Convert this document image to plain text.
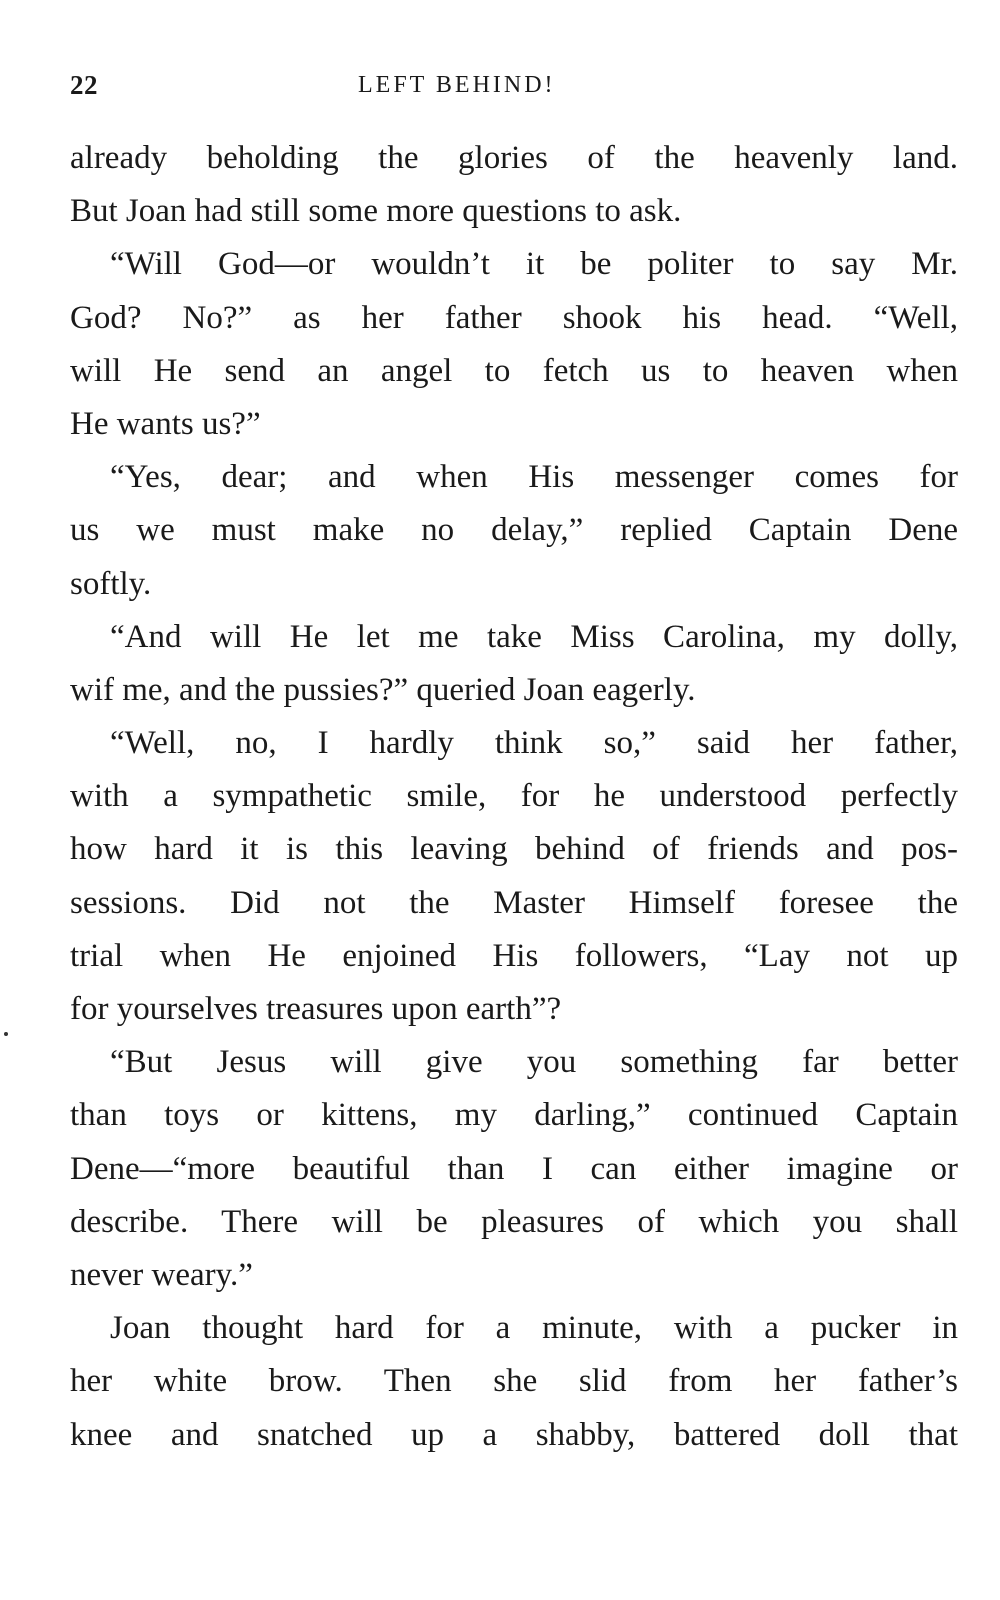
22	LEFT BEHIND!
already beholding the glories of the heavenly land.
But Joan had still some more questions to ask.
“Will God—or wouldn’t it be politer to say Mr.
God? No?” as her father shook his head. “Well,
will He send an angel to fetch us to heaven when
He wants us?”
“Yes, dear; and when His messenger comes for
us we must make no delay,” replied Captain Dene
softly.
“And will He let me take Miss Carolina, my dolly,
wif me, and the pussies?” queried Joan eagerly.
“Well, no, I hardly think so,” said her father,
with a sympathetic smile, for he understood perfectly
how hard it is this leaving behind of friends and pos-
sessions. Did not the Master Himself foresee the
trial when He enjoined His followers, “Lay not up
for yourselves treasures upon earth”?
“But Jesus will give you something far better
than toys or kittens, my darling,” continued Captain
Dene—“more beautiful than I can either imagine or
describe. There will be pleasures of which you shall
never weary.”
Joan thought hard for a minute, with a pucker in
her white brow. Then she slid from her father’s
knee and snatched up a shabby, battered doll that
